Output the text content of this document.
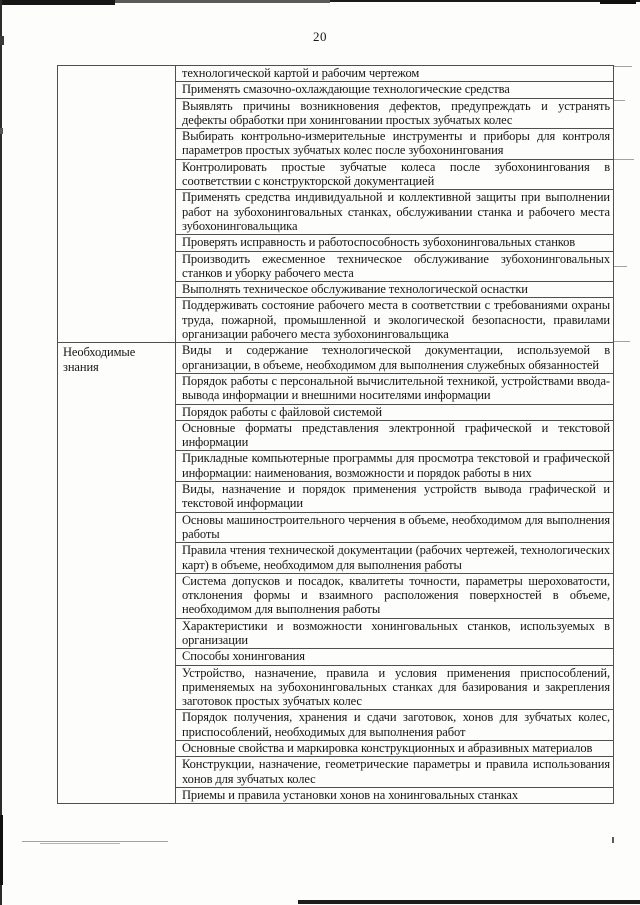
20
	технологической картой и рабочим чертежом
	Применять смазочно-охлаждающие технологические средства
	Выявлять причины возникновения дефектов, предупреждать и устранять дефекты обработки при хонинговании простых зубчатых колес
	Выбирать контрольно-измерительные инструменты и приборы для контроля параметров простых зубчатых колес после зубохонингования
	Контролировать простые зубчатые колеса после зубохонингования в соответствии с конструкторской документацией
	Применять средства индивидуальной и коллективной защиты при выполнении работ на зубохонинговальных станках, обслуживании станка и рабочего места зубохонинговальщика
	Проверять исправность и работоспособность зубохонинговальных станков
	Производить ежесменное техническое обслуживание зубохонинговальных станков и уборку рабочего места
	Выполнять техническое обслуживание технологической оснастки
	Поддерживать состояние рабочего места в соответствии с требованиями охраны труда, пожарной, промышленной и экологической безопасности, правилами организации рабочего места зубохонинговальщика

Необходимые знания	Виды и содержание технологической документации, используемой в организации, в объеме, необходимом для выполнения служебных обязанностей
	Порядок работы с персональной вычислительной техникой, устройствами ввода-вывода информации и внешними носителями информации
	Порядок работы с файловой системой
	Основные форматы представления электронной графической и текстовой информации
	Прикладные компьютерные программы для просмотра текстовой и графической информации: наименования, возможности и порядок работы в них
	Виды, назначение и порядок применения устройств вывода графической и текстовой информации
	Основы машиностроительного черчения в объеме, необходимом для выполнения работы
	Правила чтения технической документации (рабочих чертежей, технологических карт) в объеме, необходимом для выполнения работы
	Система допусков и посадок, квалитеты точности, параметры шероховатости, отклонения формы и взаимного расположения поверхностей в объеме, необходимом для выполнения работы
	Характеристики и возможности хонинговальных станков, используемых в организации
	Способы хонингования
	Устройство, назначение, правила и условия применения приспособлений, применяемых на зубохонинговальных станках для базирования и закрепления заготовок простых зубчатых колес
	Порядок получения, хранения и сдачи заготовок, хонов для зубчатых колес, приспособлений, необходимых для выполнения работ
	Основные свойства и маркировка конструкционных и абразивных материалов
	Конструкции, назначение, геометрические параметры и правила использования хонов для зубчатых колес
	Приемы и правила установки хонов на хонинговальных станках
